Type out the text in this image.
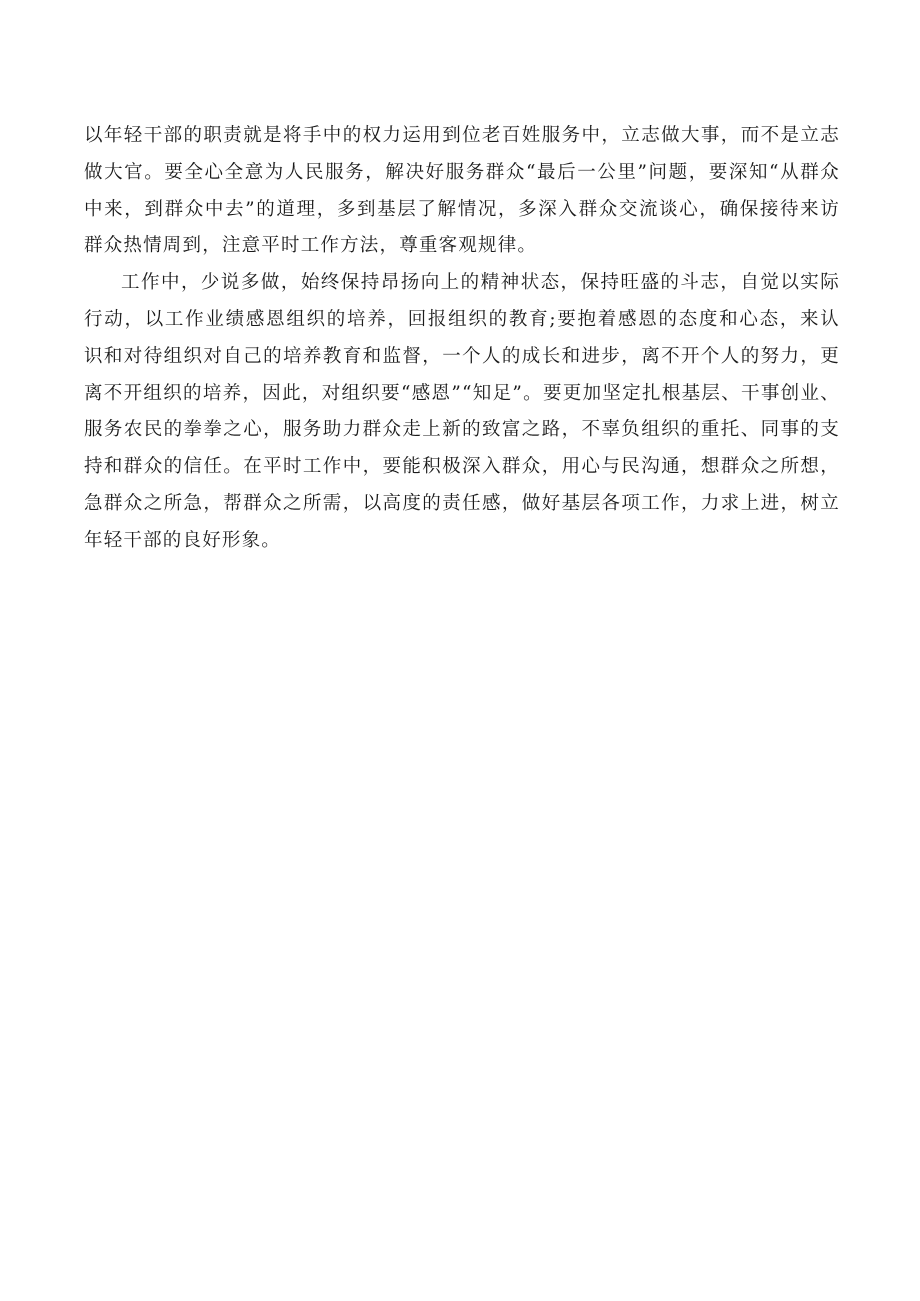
以年轻干部的职责就是将手中的权力运用到位老百姓服务中，立志做大事，而不是立志做大官。要全心全意为人民服务，解决好服务群众“最后一公里”问题，要深知“从群众中来，到群众中去”的道理，多到基层了解情况，多深入群众交流谈心，确保接待来访群众热情周到，注意平时工作方法，尊重客观规律。

工作中，少说多做，始终保持昂扬向上的精神状态，保持旺盛的斗志，自觉以实际行动，以工作业绩感恩组织的培养，回报组织的教育;要抱着感恩的态度和心态，来认识和对待组织对自己的培养教育和监督，一个人的成长和进步，离不开个人的努力，更离不开组织的培养，因此，对组织要“感恩”“知足”。要更加坚定扎根基层、干事创业、服务农民的拳拳之心，服务助力群众走上新的致富之路，不辜负组织的重托、同事的支持和群众的信任。在平时工作中，要能积极深入群众，用心与民沟通，想群众之所想，急群众之所急，帮群众之所需，以高度的责任感，做好基层各项工作，力求上进，树立年轻干部的良好形象。
